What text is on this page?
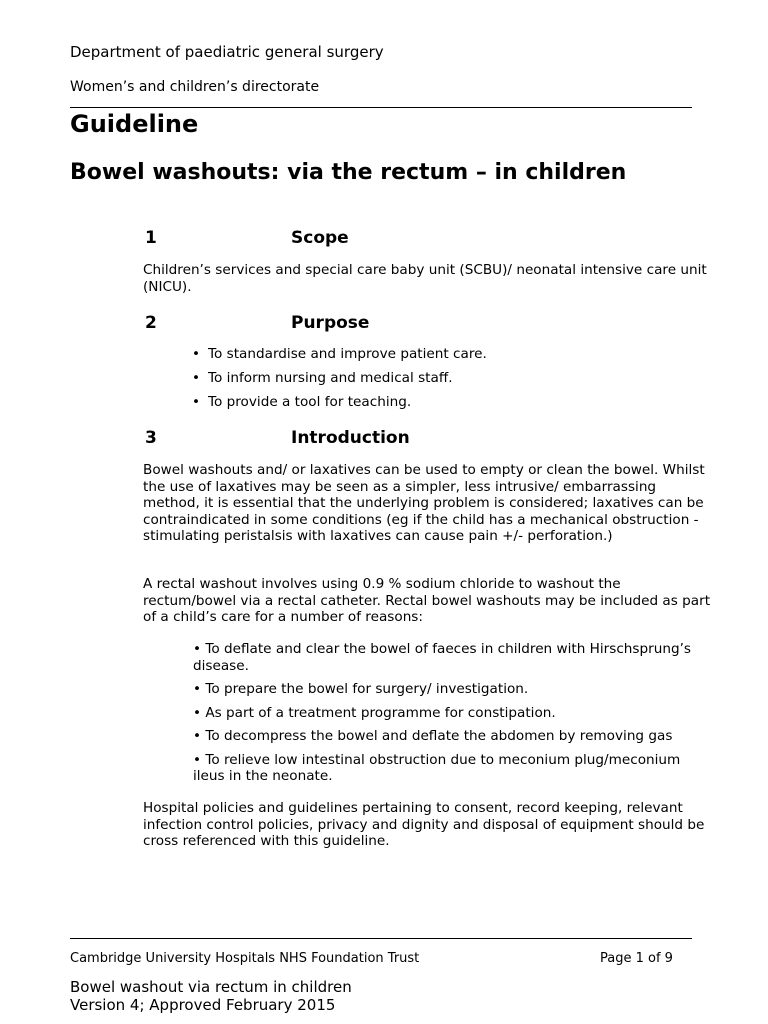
Department of paediatric general surgery
Women’s and children’s directorate
Guideline
Bowel washouts: via the rectum – in children
1	Scope
Children’s services and special care baby unit (SCBU)/ neonatal intensive care unit (NICU).
2	Purpose
• To standardise and improve patient care.
• To inform nursing and medical staff.
• To provide a tool for teaching.
3	Introduction
Bowel washouts and/ or laxatives can be used to empty or clean the bowel. Whilst the use of laxatives may be seen as a simpler, less intrusive/ embarrassing method, it is essential that the underlying problem is considered; laxatives can be contraindicated in some conditions (eg if the child has a mechanical obstruction - stimulating peristalsis with laxatives can cause pain +/- perforation.)
A rectal washout involves using 0.9 % sodium chloride to washout the rectum/bowel via a rectal catheter. Rectal bowel washouts may be included as part of a child’s care for a number of reasons:
• To deflate and clear the bowel of faeces in children with Hirschsprung’s disease.
• To prepare the bowel for surgery/ investigation.
• As part of a treatment programme for constipation.
• To decompress the bowel and deflate the abdomen by removing gas
• To relieve low intestinal obstruction due to meconium plug/meconium ileus in the neonate.
Hospital policies and guidelines pertaining to consent, record keeping, relevant infection control policies, privacy and dignity and disposal of equipment should be cross referenced with this guideline.
Cambridge University Hospitals NHS Foundation Trust	Page 1 of 9
Bowel washout via rectum in children
Version 4; Approved February 2015
